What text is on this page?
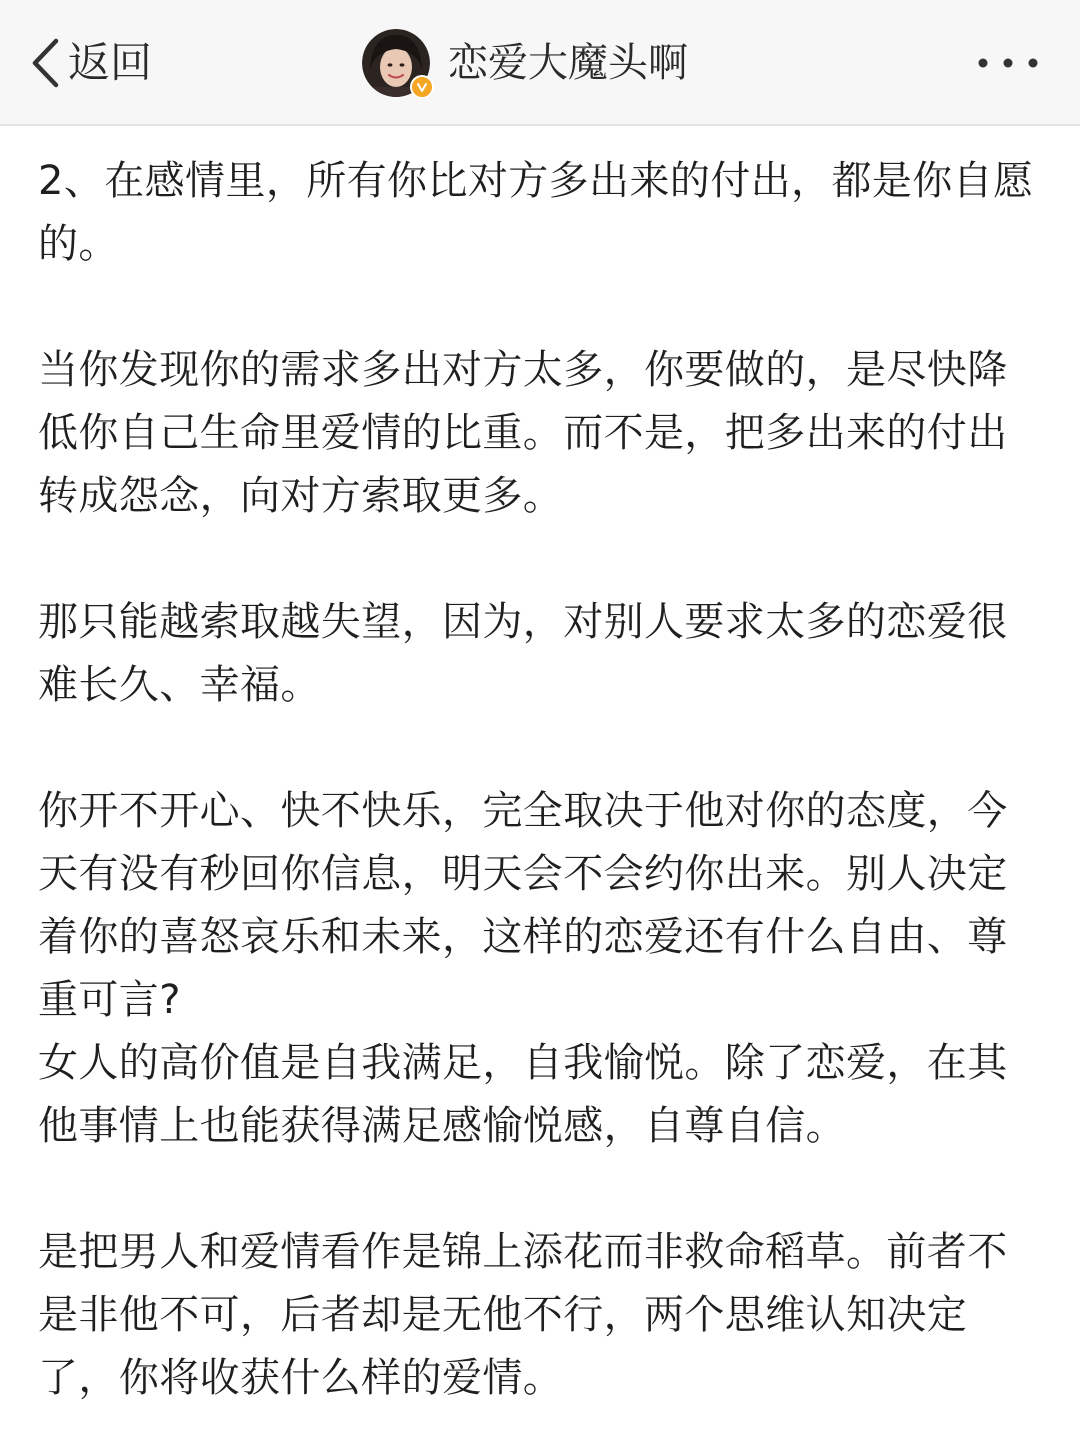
返回	恋爱大魔头啊

2、在感情里，所有你比对方多出来的付出，都是你自愿的。

当你发现你的需求多出对方太多，你要做的，是尽快降低你自己生命里爱情的比重。而不是，把多出来的付出转成怨念，向对方索取更多。

那只能越索取越失望，因为，对别人要求太多的恋爱很难长久、幸福。

你开不开心、快不快乐，完全取决于他对你的态度，今天有没有秒回你信息，明天会不会约你出来。别人决定着你的喜怒哀乐和未来，这样的恋爱还有什么自由、尊重可言?

女人的高价值是自我满足，自我愉悦。除了恋爱，在其他事情上也能获得满足感愉悦感，自尊自信。

是把男人和爱情看作是锦上添花而非救命稻草。前者不是非他不可，后者却是无他不行，两个思维认知决定了，你将收获什么样的爱情。
